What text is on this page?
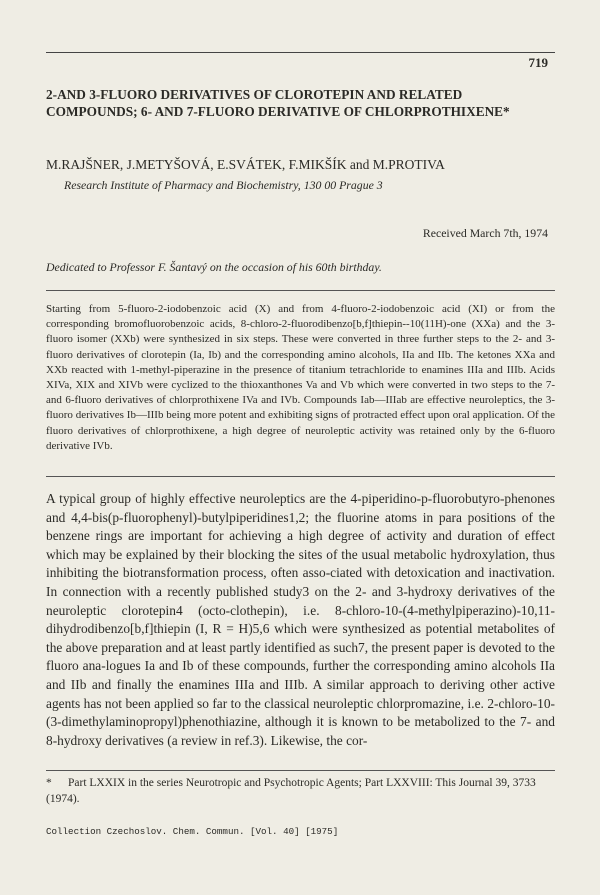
719
2-AND 3-FLUORO DERIVATIVES OF CLOROTEPIN AND RELATED COMPOUNDS; 6- AND 7-FLUORO DERIVATIVE OF CHLORPROTHIXENE*
M.RAJŠNER, J.METYŠOVÁ, E.SVÁTEK, F.MIKŠÍK and M.PROTIVA
Research Institute of Pharmacy and Biochemistry, 130 00 Prague 3
Received March 7th, 1974
Dedicated to Professor F. Šantavý on the occasion of his 60th birthday.
Starting from 5-fluoro-2-iodobenzoic acid (X) and from 4-fluoro-2-iodobenzoic acid (XI) or from the corresponding bromofluorobenzoic acids, 8-chloro-2-fluorodibenzo[b,f]thiepin--10(11H)-one (XXa) and the 3-fluoro isomer (XXb) were synthesized in six steps. These were converted in three further steps to the 2- and 3-fluoro derivatives of clorotepin (Ia, Ib) and the corresponding amino alcohols, IIa and IIb. The ketones XXa and XXb reacted with 1-methyl-piperazine in the presence of titanium tetrachloride to enamines IIIa and IIIb. Acids XIVa, XIX and XIVb were cyclized to the thioxanthones Va and Vb which were converted in two steps to the 7- and 6-fluoro derivatives of chlorprothixene IVa and IVb. Compounds Iab—IIIab are effective neuroleptics, the 3-fluoro derivatives Ib—IIIb being more potent and exhibiting signs of protracted effect upon oral application. Of the fluoro derivatives of chlorprothixene, a high degree of neuroleptic activity was retained only by the 6-fluoro derivative IVb.
A typical group of highly effective neuroleptics are the 4-piperidino-p-fluorobutyro-phenones and 4,4-bis(p-fluorophenyl)-butylpiperidines1,2; the fluorine atoms in para positions of the benzene rings are important for achieving a high degree of activity and duration of effect which may be explained by their blocking the sites of the usual metabolic hydroxylation, thus inhibiting the biotransformation process, often asso-ciated with detoxication and inactivation. In connection with a recently published study3 on the 2- and 3-hydroxy derivatives of the neuroleptic clorotepin4 (octo-clothepin), i.e. 8-chloro-10-(4-methylpiperazino)-10,11-dihydrodibenzo[b,f]thiepin (I, R = H)5,6 which were synthesized as potential metabolites of the above preparation and at least partly identified as such7, the present paper is devoted to the fluoro ana-logues Ia and Ib of these compounds, further the corresponding amino alcohols IIa and IIb and finally the enamines IIIa and IIIb. A similar approach to deriving other active agents has not been applied so far to the classical neuroleptic chlorpromazine, i.e. 2-chloro-10-(3-dimethylaminopropyl)phenothiazine, although it is known to be metabolized to the 7- and 8-hydroxy derivatives (a review in ref.3). Likewise, the cor-
* Part LXXIX in the series Neurotropic and Psychotropic Agents; Part LXXVIII: This Journal 39, 3733 (1974).
Collection Czechoslov. Chem. Commun. [Vol. 40] [1975]
